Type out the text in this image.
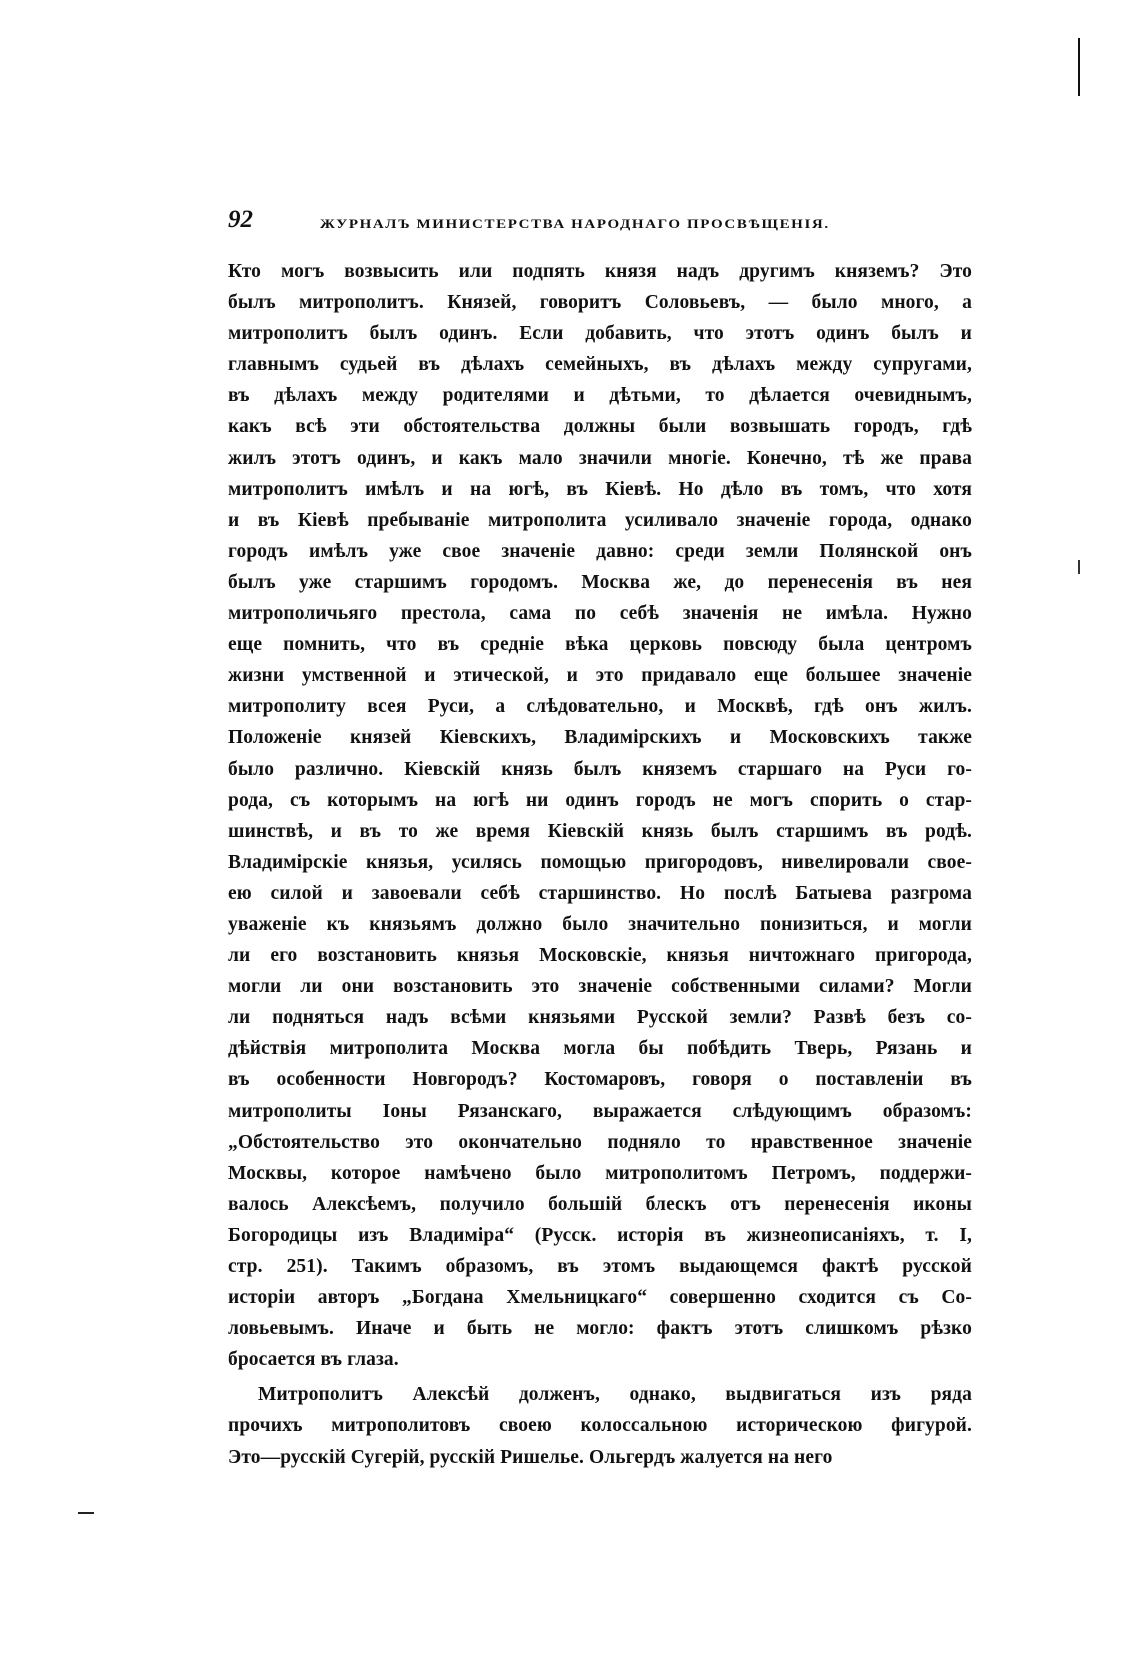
92	ЖУРНАЛЪ МИНИСТЕРСТВА НАРОДНАГО ПРОСВѢЩЕНІЯ.
Кто могъ возвысить или подпять князя надъ другимъ княземъ? Это
былъ митрополитъ. Князей, говоритъ Соловьевъ, — было много, а
митрополитъ былъ одинъ. Если добавить, что этотъ одинъ былъ и
главнымъ судьей въ дѣлахъ семейныхъ, въ дѣлахъ между супругами,
въ дѣлахъ между родителями и дѣтьми, то дѣлается очевиднымъ,
какъ всѣ эти обстоятельства должны были возвышать городъ, гдѣ
жилъ этотъ одинъ, и какъ мало значили многіе. Конечно, тѣ же права
митрополитъ имѣлъ и на югѣ, въ Кіевѣ. Но дѣло въ томъ, что хотя
и въ Кіевѣ пребываніе митрополита усиливало значеніе города, однако
городъ имѣлъ уже свое значеніе давно: среди земли Полянской онъ
былъ уже старшимъ городомъ. Москва же, до перенесенія въ нея
митрополичьяго престола, сама по себѣ значенія не имѣла. Нужно
еще помнить, что въ средніе вѣка церковь повсюду была центромъ
жизни умственной и этической, и это придавало еще большее значеніе
митрополиту всея Руси, а слѣдовательно, и Москвѣ, гдѣ онъ жилъ.
Положеніе князей Кіевскихъ, Владимірскихъ и Московскихъ также
было различно. Кіевскій князь былъ княземъ старшаго на Руси го-
рода, съ которымъ на югѣ ни одинъ городъ не могъ спорить о стар-
шинствѣ, и въ то же время Кіевскій князь былъ старшимъ въ родѣ.
Владимірскіе князья, усилясь помощью пригородовъ, нивелировали свое-
ею силой и завоевали себѣ старшинство. Но послѣ Батыева разгрома
уваженіе къ князьямъ должно было значительно понизиться, и могли
ли его возстановить князья Московскіе, князья ничтожнаго пригорода,
могли ли они возстановить это значеніе собственными силами? Могли
ли подняться надъ всѣми князьями Русской земли? Развѣ безъ со-
дѣйствія митрополита Москва могла бы побѣдить Тверь, Рязань и
въ особенности Новгородъ? Костомаровъ, говоря о поставленіи въ
митрополиты Іоны Рязанскаго, выражается слѣдующимъ образомъ:
„Обстоятельство это окончательно подняло то нравственное значеніе
Москвы, которое намѣчено было митрополитомъ Петромъ, поддержи-
валось Алексѣемъ, получило большій блескъ отъ перенесенія иконы
Богородицы изъ Владиміра“ (Русск. исторія въ жизнеописаніяхъ, т. I,
стр. 251). Такимъ образомъ, въ этомъ выдающемся фактѣ русской
исторіи авторъ „Богдана Хмельницкаго“ совершенно сходится съ Со-
ловьевымъ. Иначе и быть не могло: фактъ этотъ слишкомъ рѣзко
бросается въ глаза.
Митрополитъ Алексѣй долженъ, однако, выдвигаться изъ ряда
прочихъ митрополитовъ своею колоссальною историческою фигурой.
Это—русскій Сугерій, русскій Ришелье. Ольгердъ жалуется на него
